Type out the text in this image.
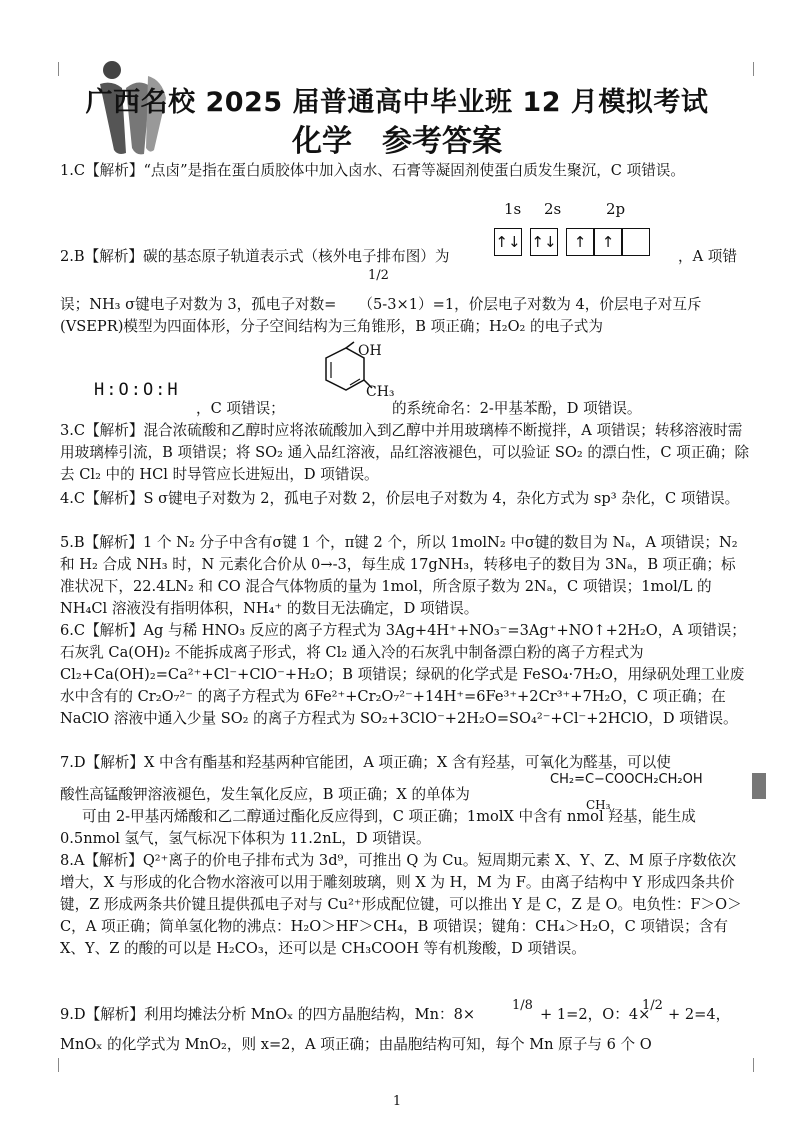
广西名校 2025 届普通高中毕业班 12 月模拟考试
化学　参考答案
1.C【解析】“点卤”是指在蛋白质胶体中加入卤水、石膏等凝固剂使蛋白质发生聚沉，C 项错误。
1s 2s	2p
↑↓ ↑↓	↑	↑
2.B【解析】碳的基态原子轨道表示式（核外电子排布图）为	，A 项错
1/2
误；NH₃ σ键电子对数为 3，孤电子对数= （5-3×1）=1，价层电子对数为 4，价层电子对互斥(VSEPR)模型为四面体形，分子空间结构为三角锥形，B 项正确；H₂O₂ 的电子式为
H:O:O:H
，C 项错误；
OH
CH₃
的系统命名：2-甲基苯酚，D 项错误。
3.C【解析】混合浓硫酸和乙醇时应将浓硫酸加入到乙醇中并用玻璃棒不断搅拌，A 项错误；转移溶液时需用玻璃棒引流，B 项错误；将 SO₂ 通入品红溶液，品红溶液褪色，可以验证 SO₂ 的漂白性，C 项正确；除去 Cl₂ 中的 HCl 时导管应长进短出，D 项错误。
4.C【解析】S σ键电子对数为 2，孤电子对数 2，价层电子对数为 4，杂化方式为 sp³ 杂化，C 项错误。
5.B【解析】1 个 N₂ 分子中含有σ键 1 个，π键 2 个，所以 1molN₂ 中σ键的数目为 Nₐ，A 项错误；N₂ 和 H₂ 合成 NH₃ 时，N 元素化合价从 0→-3，每生成 17gNH₃，转移电子的数目为 3Nₐ，B 项正确；标准状况下，22.4LN₂ 和 CO 混合气体物质的量为 1mol，所含原子数为 2Nₐ，C 项错误；1mol/L 的 NH₄Cl 溶液没有指明体积，NH₄⁺ 的数目无法确定，D 项错误。
6.C【解析】Ag 与稀 HNO₃ 反应的离子方程式为 3Ag+4H⁺+NO₃⁻=3Ag⁺+NO↑+2H₂O，A 项错误；石灰乳 Ca(OH)₂ 不能拆成离子形式，将 Cl₂ 通入冷的石灰乳中制备漂白粉的离子方程式为 Cl₂+Ca(OH)₂=Ca²⁺+Cl⁻+ClO⁻+H₂O；B 项错误；绿矾的化学式是 FeSO₄·7H₂O，用绿矾处理工业废水中含有的 Cr₂O₇²⁻ 的离子方程式为 6Fe²⁺+Cr₂O₇²⁻+14H⁺=6Fe³⁺+2Cr³⁺+7H₂O，C 项正确；在 NaClO 溶液中通入少量 SO₂ 的离子方程式为 SO₂+3ClO⁻+2H₂O=SO₄²⁻+Cl⁻+2HClO，D 项错误。
7.D【解析】X 中含有酯基和羟基两种官能团，A 项正确；X 含有羟基，可氧化为醛基，可以使
CH₂=C−COOCH₂CH₂OH
CH₃
酸性高锰酸钾溶液褪色，发生氧化反应，B 项正确；X 的单体为
可由 2-甲基丙烯酸和乙二醇通过酯化反应得到，C 项正确；1molX 中含有 nmol 羟基，能生成 0.5nmol 氢气，氢气标况下体积为 11.2nL，D 项错误。
8.A【解析】Q²⁺离子的价电子排布式为 3d⁹，可推出 Q 为 Cu。短周期元素 X、Y、Z、M 原子序数依次增大，X 与形成的化合物水溶液可以用于雕刻玻璃，则 X 为 H，M 为 F。由离子结构中 Y 形成四条共价键，Z 形成两条共价键且提供孤电子对与 Cu²⁺形成配位键，可以推出 Y 是 C，Z 是 O。电负性：F＞O＞C，A 项正确；简单氢化物的沸点：H₂O＞HF＞CH₄，B 项错误；键角：CH₄＞H₂O，C 项错误；含有 X、Y、Z 的酸的可以是 H₂CO₃，还可以是 CH₃COOH 等有机羧酸，D 项错误。
9.D【解析】利用均摊法分析 MnOₓ 的四方晶胞结构，Mn：8×
1/8
+ 1=2，O：4×
1/2
+ 2=4，
MnOₓ 的化学式为 MnO₂，则 x=2，A 项正确；由晶胞结构可知，每个 Mn 原子与 6 个 O
1
